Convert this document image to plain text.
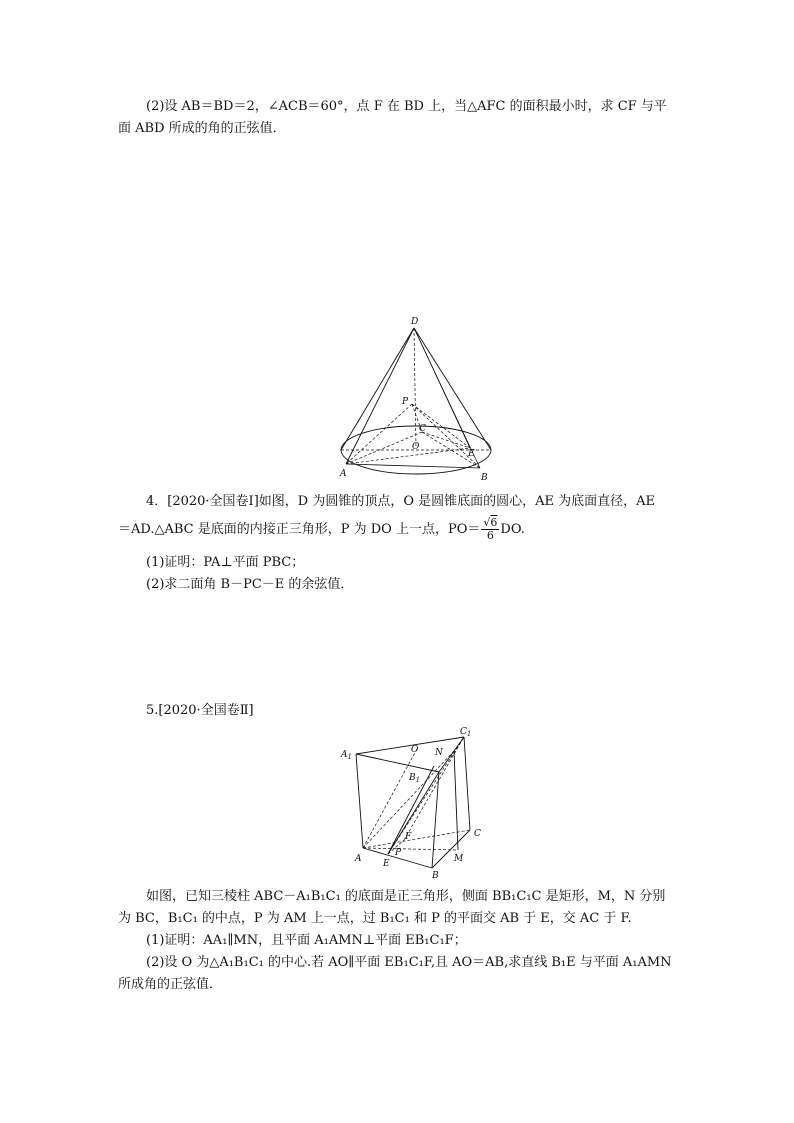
(2)设 AB＝BD＝2，∠ACB＝60°，点 F 在 BD 上，当△AFC 的面积最小时，求 CF 与平

面 ABD 所成的角的正弦值．

D
P
C
O
E
A	B

4．[2020·全国卷Ⅰ]如图，D 为圆锥的顶点，O 是圆锥底面的圆心，AE 为底面直径，AE

＝AD.△ABC 是底面的内接正三角形，P 为 DO 上一点，$PO= \frac{√6}{6}$ DO.

(1)证明：PA⊥平面 PBC；

(2)求二面角 B－PC－E 的余弦值．

5.[2020·全国卷Ⅱ]

$A_1$
$C_1$
O N
$B_1$
F	C
A
P
E	M
B

如图，已知三棱柱 ABC－A₁B₁C₁ 的底面是正三角形，侧面 BB₁C₁C 是矩形，M，N 分别

为 BC，B₁C₁ 的中点，P 为 AM 上一点，过 B₁C₁ 和 P 的平面交 AB 于 E，交 AC 于 F.

(1)证明：AA₁∥MN，且平面 A₁AMN⊥平面 EB₁C₁F；

(2)设 O 为△A₁B₁C₁ 的中心.若 AO∥平面 EB₁C₁F,且 AO＝AB,求直线 B₁E 与平面 A₁AMN

所成角的正弦值．
